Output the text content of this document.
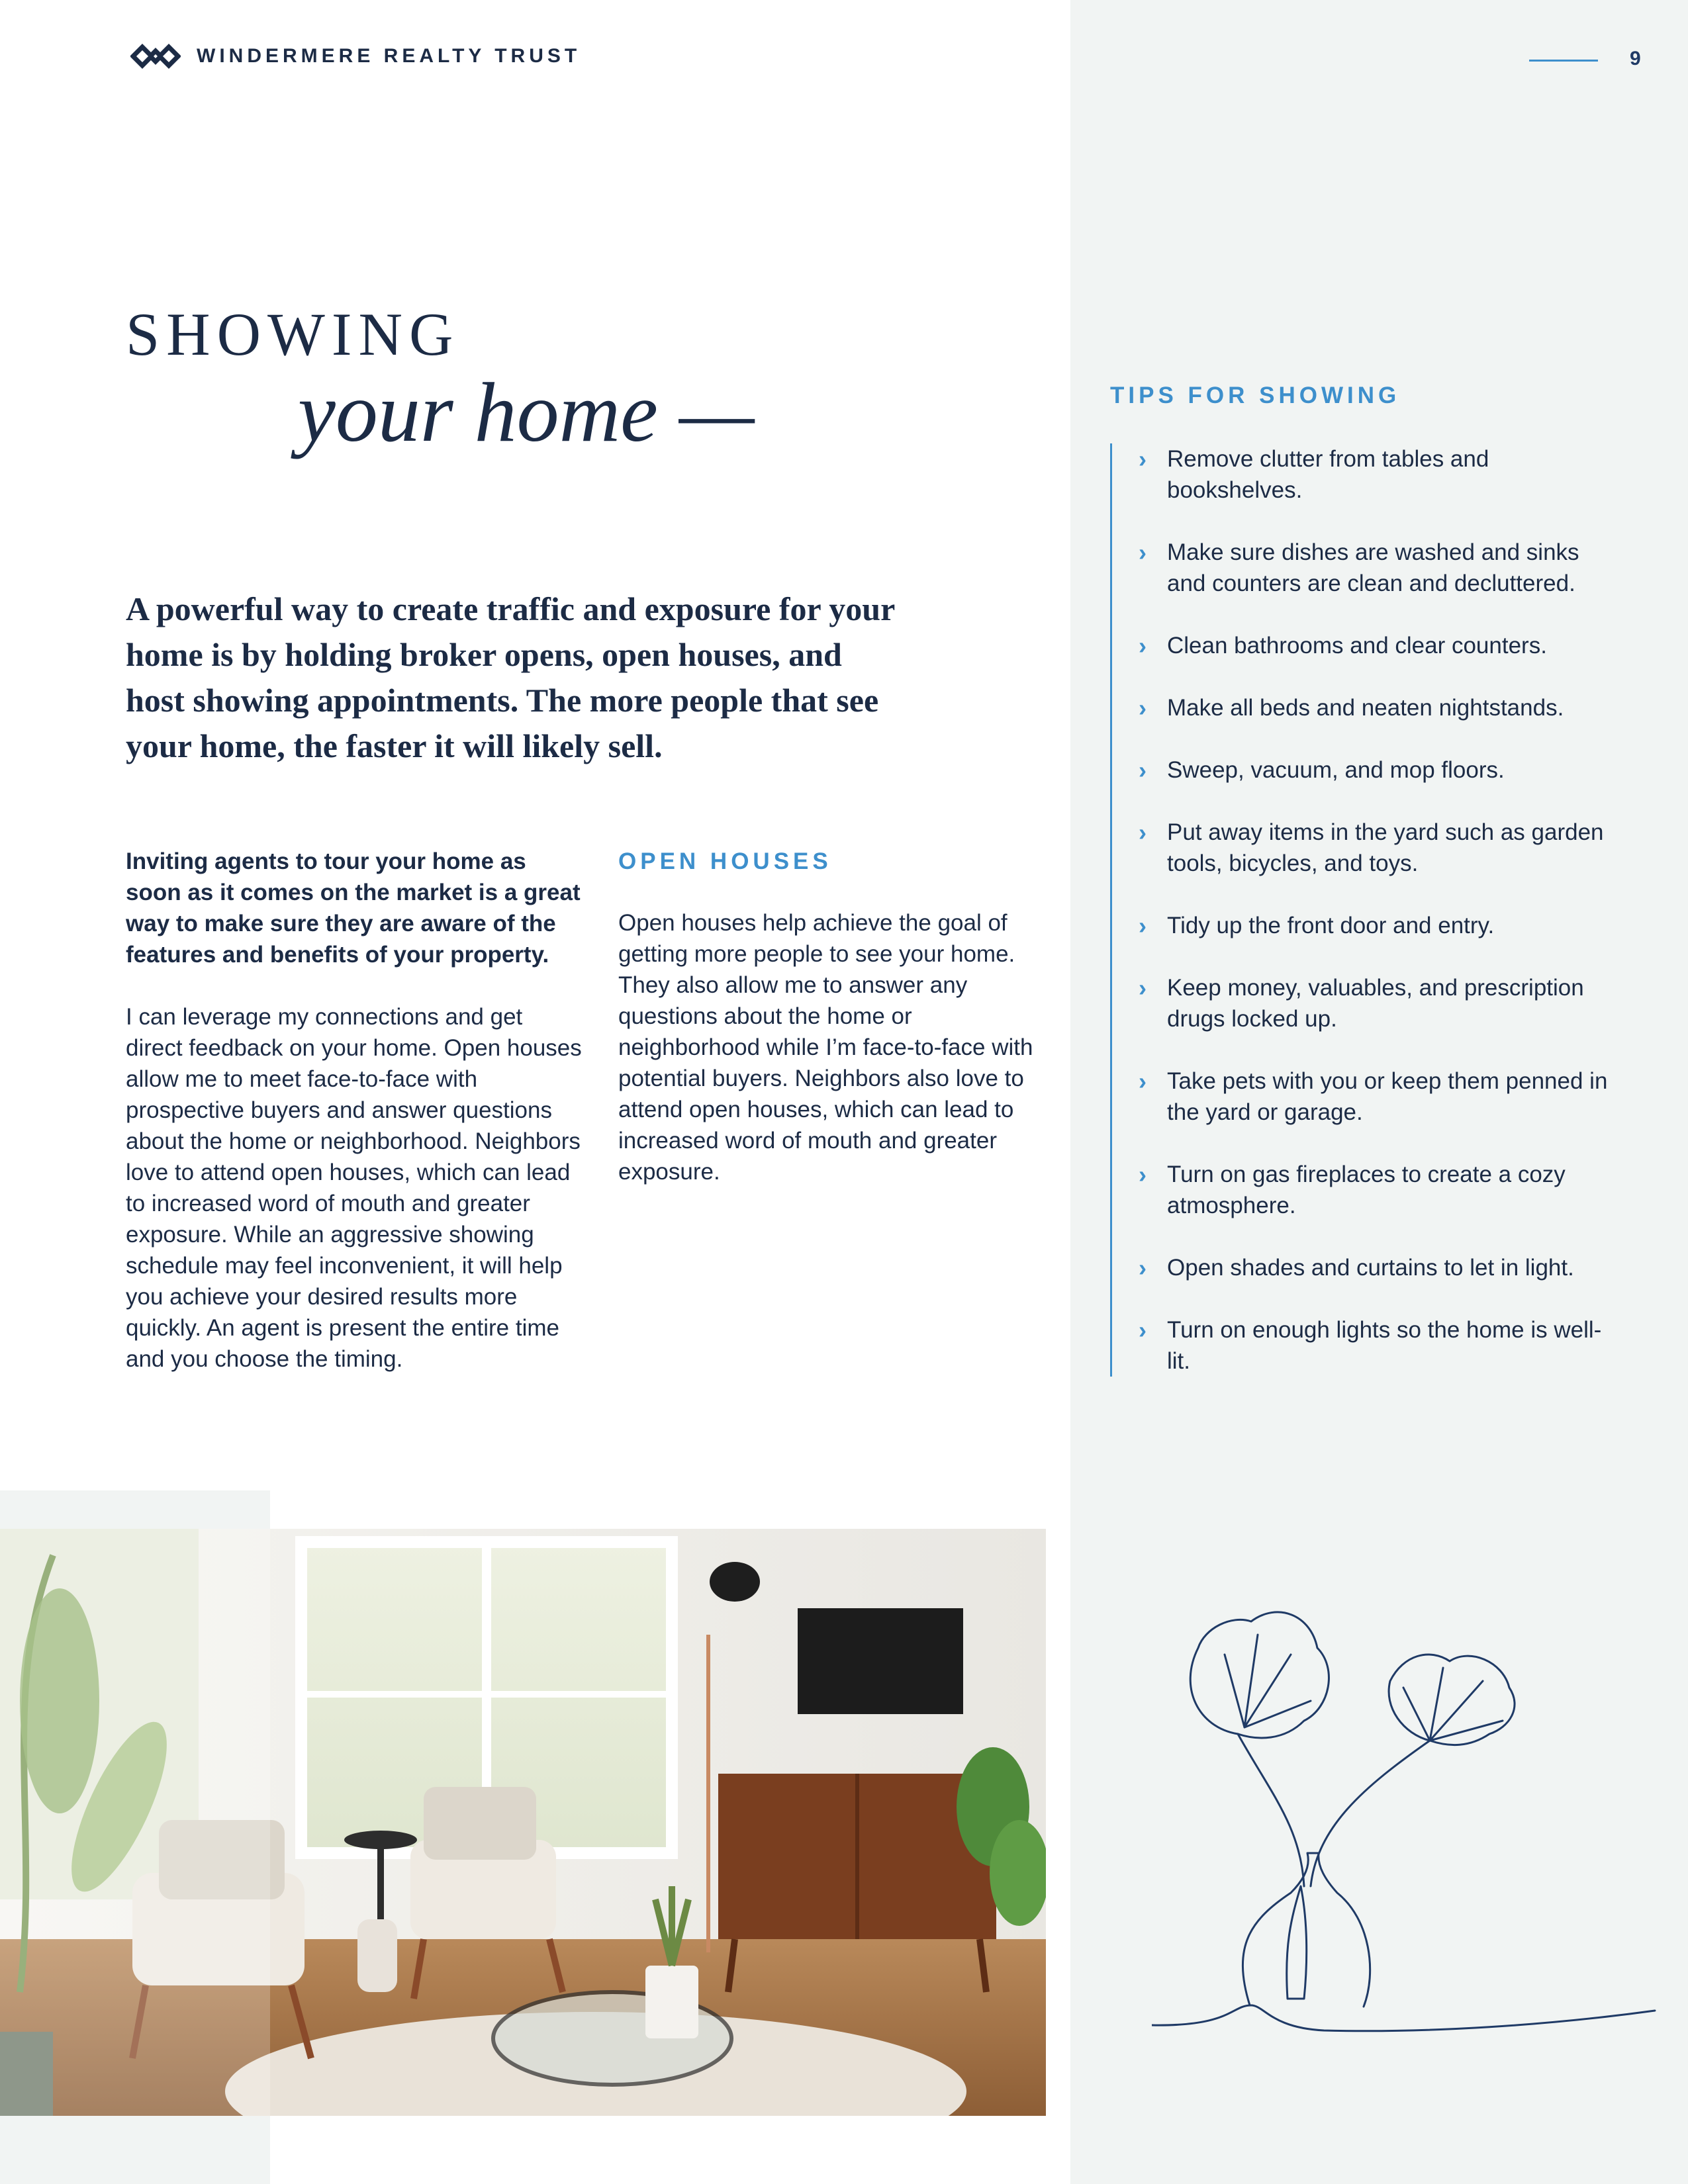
WINDERMERE REALTY TRUST	9
SHOWING
your home —

A powerful way to create traffic and exposure for your home is by holding broker opens, open houses, and host showing appointments. The more people that see your home, the faster it will likely sell.

Inviting agents to tour your home as soon as it comes on the market is a great way to make sure they are aware of the features and benefits of your property.

I can leverage my connections and get direct feedback on your home. Open houses allow me to meet face-to-face with prospective buyers and answer questions about the home or neighborhood. Neighbors love to attend open houses, which can lead to increased word of mouth and greater exposure. While an aggressive showing schedule may feel inconvenient, it will help you achieve your desired results more quickly. An agent is present the entire time and you choose the timing.

OPEN HOUSES

Open houses help achieve the goal of getting more people to see your home. They also allow me to answer any questions about the home or neighborhood while I’m face-to-face with potential buyers. Neighbors also love to attend open houses, which can lead to increased word of mouth and greater exposure.

TIPS FOR SHOWING
› Remove clutter from tables and bookshelves.
› Make sure dishes are washed and sinks and counters are clean and decluttered.
› Clean bathrooms and clear counters.
› Make all beds and neaten nightstands.
› Sweep, vacuum, and mop floors.
› Put away items in the yard such as garden tools, bicycles, and toys.
› Tidy up the front door and entry.
› Keep money, valuables, and prescription drugs locked up.
› Take pets with you or keep them penned in the yard or garage.
› Turn on gas fireplaces to create a cozy atmosphere.
› Open shades and curtains to let in light.
› Turn on enough lights so the home is well-lit.
